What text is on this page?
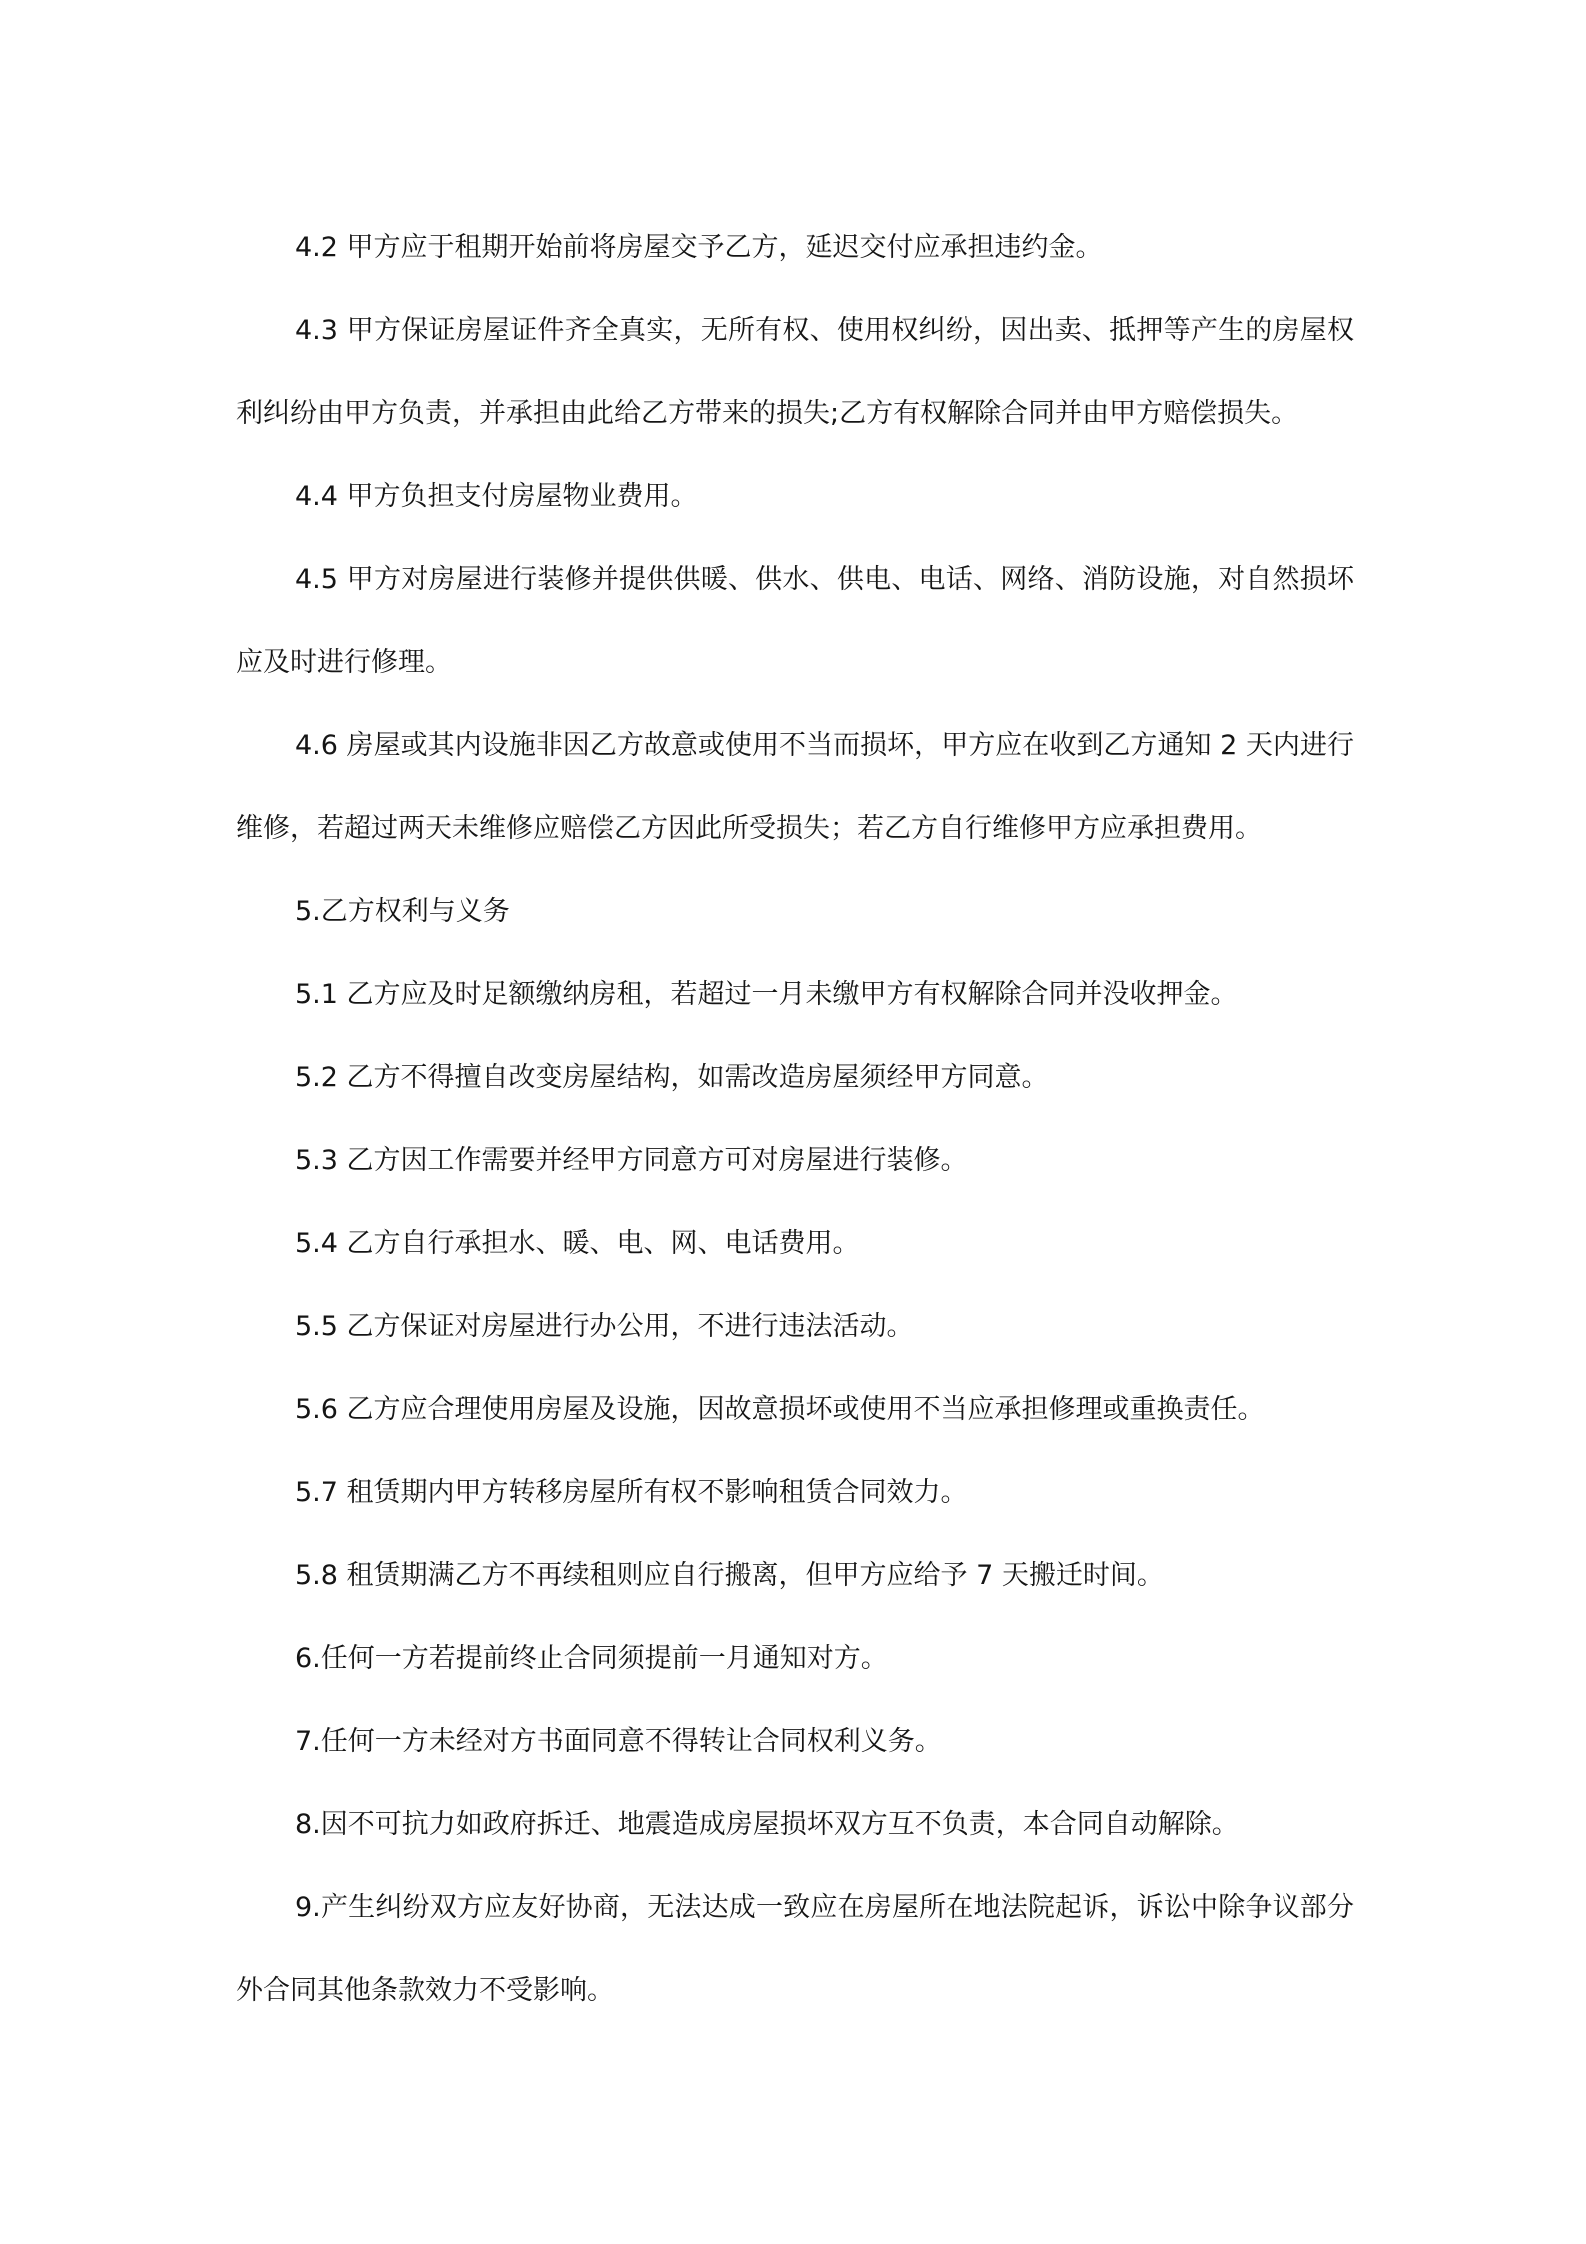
4.2 甲方应于租期开始前将房屋交予乙方，延迟交付应承担违约金。

4.3 甲方保证房屋证件齐全真实，无所有权、使用权纠纷，因出卖、抵押等产生的房屋权利纠纷由甲方负责，并承担由此给乙方带来的损失;乙方有权解除合同并由甲方赔偿损失。

4.4 甲方负担支付房屋物业费用。

4.5 甲方对房屋进行装修并提供供暖、供水、供电、电话、网络、消防设施，对自然损坏应及时进行修理。

4.6 房屋或其内设施非因乙方故意或使用不当而损坏，甲方应在收到乙方通知 2 天内进行维修，若超过两天未维修应赔偿乙方因此所受损失；若乙方自行维修甲方应承担费用。

5.乙方权利与义务

5.1 乙方应及时足额缴纳房租，若超过一月未缴甲方有权解除合同并没收押金。

5.2 乙方不得擅自改变房屋结构，如需改造房屋须经甲方同意。

5.3 乙方因工作需要并经甲方同意方可对房屋进行装修。

5.4 乙方自行承担水、暖、电、网、电话费用。

5.5 乙方保证对房屋进行办公用，不进行违法活动。

5.6 乙方应合理使用房屋及设施，因故意损坏或使用不当应承担修理或重换责任。

5.7 租赁期内甲方转移房屋所有权不影响租赁合同效力。

5.8 租赁期满乙方不再续租则应自行搬离，但甲方应给予 7 天搬迁时间。

6.任何一方若提前终止合同须提前一月通知对方。

7.任何一方未经对方书面同意不得转让合同权利义务。

8.因不可抗力如政府拆迁、地震造成房屋损坏双方互不负责，本合同自动解除。

9.产生纠纷双方应友好协商，无法达成一致应在房屋所在地法院起诉，诉讼中除争议部分外合同其他条款效力不受影响。
